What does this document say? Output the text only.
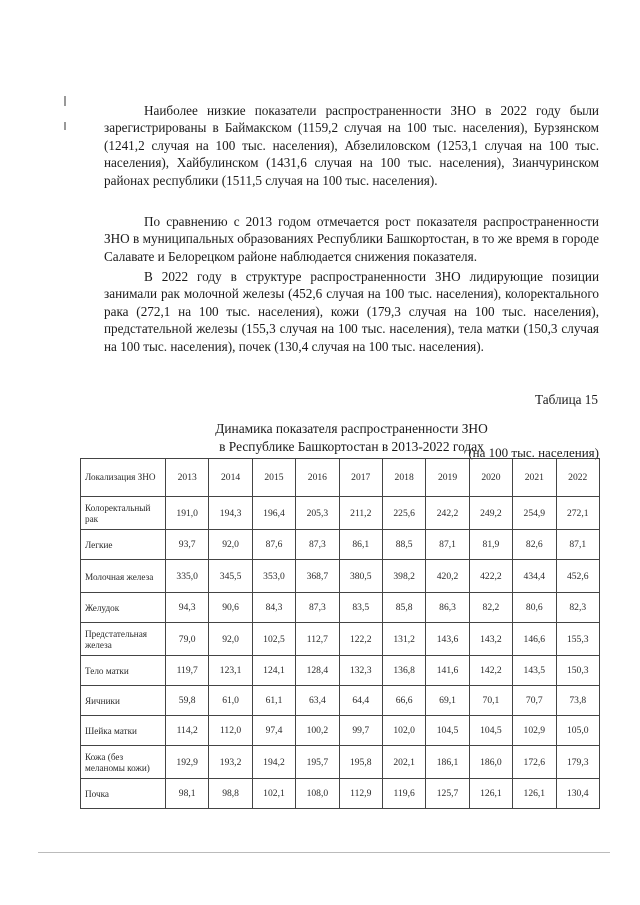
Наиболее низкие показатели распространенности ЗНО в 2022 году были зарегистрированы в Баймакском (1159,2 случая на 100 тыс. населения), Бурзянском (1241,2 случая на 100 тыс. населения), Абзелиловском (1253,1 случая на 100 тыс. населения), Хайбулинском (1431,6 случая на 100 тыс. населения), Зианчуринском районах республики (1511,5 случая на 100 тыс. населения).

По сравнению с 2013 годом отмечается рост показателя распространенности ЗНО в муниципальных образованиях Республики Башкортостан, в то же время в городе Салавате и Белорецком районе наблюдается снижения показателя.

В 2022 году в структуре распространенности ЗНО лидирующие позиции занимали рак молочной железы (452,6 случая на 100 тыс. населения), колоректального рака (272,1 на 100 тыс. населения), кожи (179,3 случая на 100 тыс. населения), предстательной железы (155,3 случая на 100 тыс. населения), тела матки (150,3 случая на 100 тыс. населения), почек (130,4 случая на 100 тыс. населения).

Таблица 15
Динамика показателя распространенности ЗНО
в Республике Башкортостан в 2013-2022 годах
(на 100 тыс. населения)
Локализация ЗНО	2013	2014	2015	2016	2017	2018	2019	2020	2021	2022
Колоректальный рак	191,0	194,3	196,4	205,3	211,2	225,6	242,2	249,2	254,9	272,1
Легкие	93,7	92,0	87,6	87,3	86,1	88,5	87,1	81,9	82,6	87,1
Молочная железа	335,0	345,5	353,0	368,7	380,5	398,2	420,2	422,2	434,4	452,6
Желудок	94,3	90,6	84,3	87,3	83,5	85,8	86,3	82,2	80,6	82,3
Предстательная железа	79,0	92,0	102,5	112,7	122,2	131,2	143,6	143,2	146,6	155,3
Тело матки	119,7	123,1	124,1	128,4	132,3	136,8	141,6	142,2	143,5	150,3
Яичники	59,8	61,0	61,1	63,4	64,4	66,6	69,1	70,1	70,7	73,8
Шейка матки	114,2	112,0	97,4	100,2	99,7	102,0	104,5	104,5	102,9	105,0
Кожа (без меланомы кожи)	192,9	193,2	194,2	195,7	195,8	202,1	186,1	186,0	172,6	179,3
Почка	98,1	98,8	102,1	108,0	112,9	119,6	125,7	126,1	126,1	130,4
